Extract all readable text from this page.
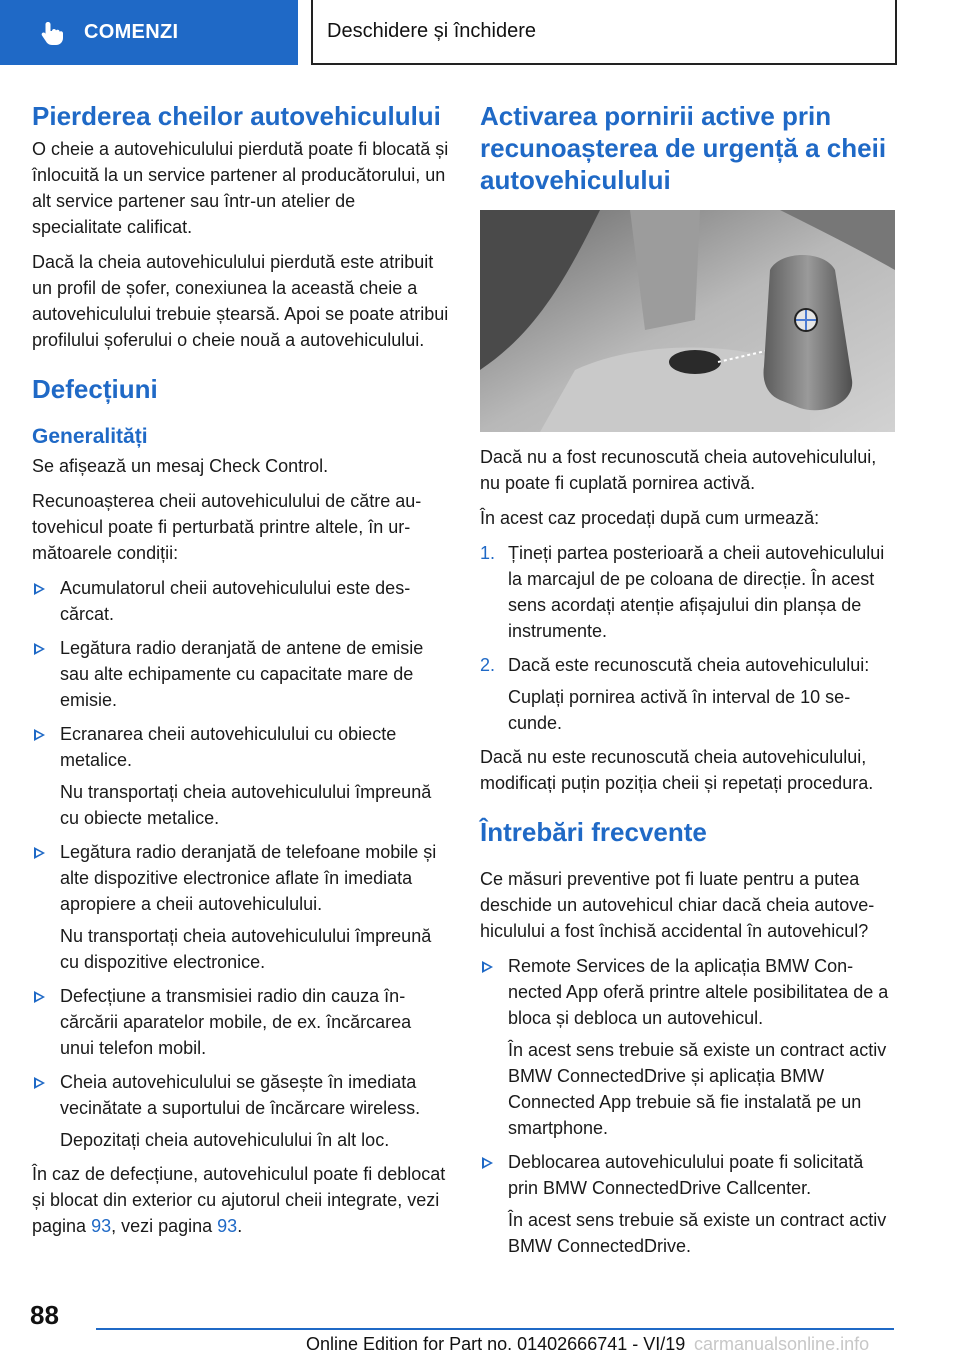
COMENZI	Deschidere și închidere
Pierderea cheilor autovehiculului

O cheie a autovehiculului pierdută poate fi blocată și înlocuită la un service partener al producătorului, un alt service partener sau într-un atelier de specialitate calificat.

Dacă la cheia autovehiculului pierdută este atribuit un profil de șofer, conexiunea la această cheie a autovehiculului trebuie ștearsă. Apoi se poate atribui profilului șoferului o cheie nouă a autovehiculului.

Defecțiuni
Generalități

Se afișează un mesaj Check Control.

Recunoașterea cheii autovehiculului de către autovehicul poate fi perturbată printre altele, în următoarele condiții:

Acumulatorul cheii autovehiculului este descărcat.

Legătura radio deranjată de antene de emisie sau alte echipamente cu capacitate mare de emisie.

Ecranarea cheii autovehiculului cu obiecte metalice.

Nu transportați cheia autovehiculului împreună cu obiecte metalice.

Legătura radio deranjată de telefoane mobile și alte dispozitive electronice aflate în imediata apropiere a cheii autovehiculului.

Nu transportați cheia autovehiculului împreună cu dispozitive electronice.

Defecțiune a transmisiei radio din cauza încărcării aparatelor mobile, de ex. încărcarea unui telefon mobil.

Cheia autovehiculului se găsește în imediata vecinătate a suportului de încărcare wireless.

Depozitați cheia autovehiculului în alt loc.

În caz de defecțiune, autovehiculul poate fi deblocat și blocat din exterior cu ajutorul cheii integrate, vezi pagina 93, vezi pagina 93.

Activarea pornirii active prin recunoașterea de urgență a cheii autovehiculului

Dacă nu a fost recunoscută cheia autovehiculului, nu poate fi cuplată pornirea activă.

În acest caz procedați după cum urmează:

1. Țineți partea posterioară a cheii autovehiculului la marcajul de pe coloana de direcție. În acest sens acordați atenție afișajului din planșa de instrumente.

2. Dacă este recunoscută cheia autovehiculului:

Cuplați pornirea activă în interval de 10 secunde.

Dacă nu este recunoscută cheia autovehiculului, modificați puțin poziția cheii și repetați procedura.

Întrebări frecvente

Ce măsuri preventive pot fi luate pentru a putea deschide un autovehicul chiar dacă cheia autovehiculului a fost închisă accidental în autovehicul?

Remote Services de la aplicația BMW Connected App oferă printre altele posibilitatea de a bloca și debloca un autovehicul.

În acest sens trebuie să existe un contract activ BMW ConnectedDrive și aplicația BMW Connected App trebuie să fie instalată pe un smartphone.

Deblocarea autovehiculului poate fi solicitată prin BMW ConnectedDrive Callcenter.

În acest sens trebuie să existe un contract activ BMW ConnectedDrive.

88
Online Edition for Part no. 01402666741 - VI/19 carmanualsonline.info
